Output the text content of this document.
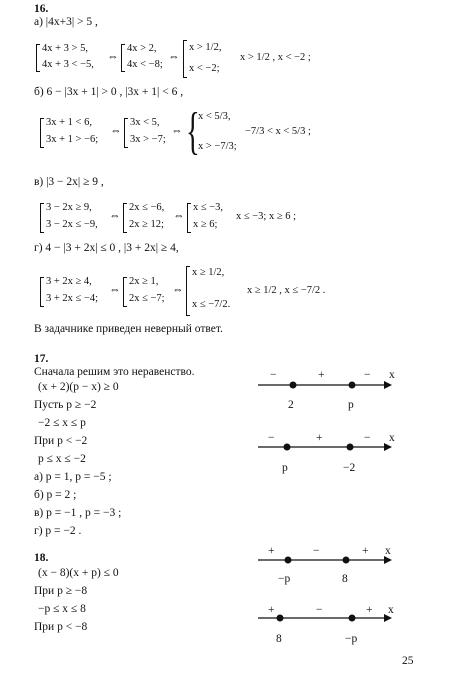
16.
а) |4x+3| > 5 ,
4x + 3 > 5,
4x + 3 < −5,
⇔
4x > 2,
4x < −8;
⇔
x > 1/2,
x < −2;
x > 1/2 , x < −2 ;
б) 6 − |3x + 1| > 0 , |3x + 1| < 6 ,
3x + 1 < 6,
3x + 1 > −6;
⇔
3x < 5,
3x > −7;
⇔ {
x < 5/3,
x > −7/3;
−7/3 < x < 5/3 ;
в) |3 − 2x| ≥ 9 ,
3 − 2x ≥ 9,
3 − 2x ≤ −9,
⇔
2x ≤ −6,
2x ≥ 12;
⇔
x ≤ −3,
x ≥ 6;
x ≤ −3; x ≥ 6 ;
г) 4 − |3 + 2x| ≤ 0 , |3 + 2x| ≥ 4,
3 + 2x ≥ 4,
3 + 2x ≤ −4;
⇔
2x ≥ 1,
2x ≤ −7;
⇔
x ≥ 1/2,
x ≤ −7/2.
x ≥ 1/2 , x ≤ −7/2 .
В задачнике приведен неверный ответ.
17.
Сначала решим это неравенство.
(x + 2)(p − x) ≥ 0
Пусть p ≥ −2
−2 ≤ x ≤ p
При p < −2
p ≤ x ≤ −2
а) p = 1, p = −5 ;
б) p = 2 ;
в) p = −1 , p = −3 ;
г) p = −2 .
−	+	− x
2	p
−	+	− x
p	−2
18.
(x − 8)(x + p) ≤ 0
При p ≥ −8
−p ≤ x ≤ 8
При p < −8
+	−	+ x
−p	8
+	−	+ x
8	−p
25
